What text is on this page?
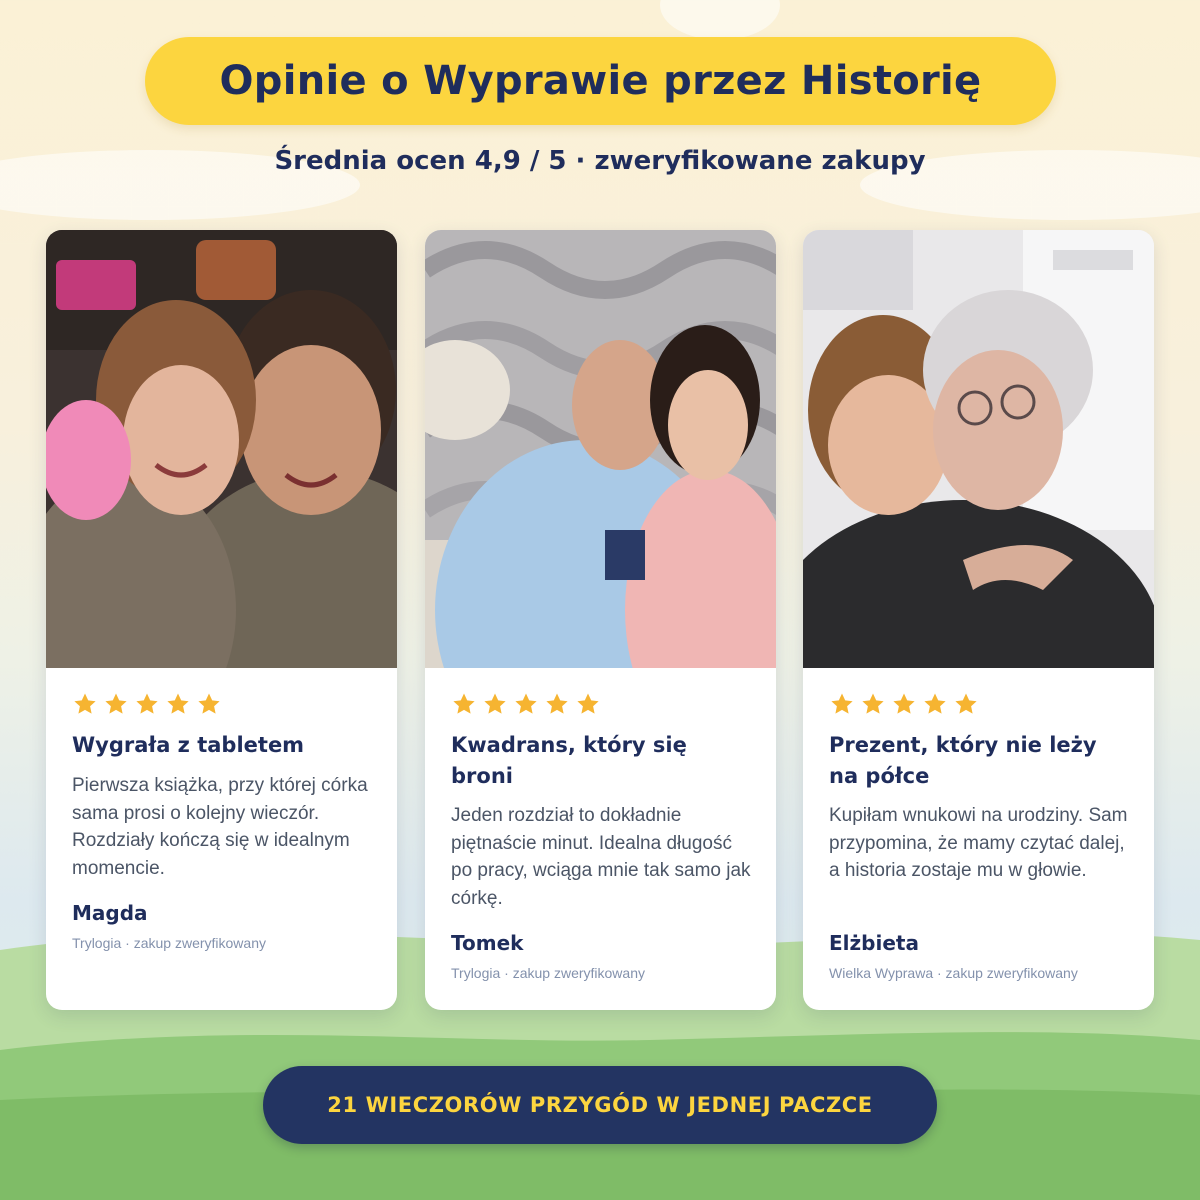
Opinie o Wyprawie przez Historię
Średnia ocen 4,9 / 5 · zweryfikowane zakupy
Wygrała z tabletem

Pierwsza książka, przy której córka sama prosi o kolejny wieczór. Rozdziały kończą się w idealnym momencie.

Magda
Trylogia · zakup zweryfikowany
Kwadrans, który się broni

Jeden rozdział to dokładnie piętnaście minut. Idealna długość po pracy, wciąga mnie tak samo jak córkę.

Tomek
Trylogia · zakup zweryfikowany
Prezent, który nie leży na półce

Kupiłam wnukowi na urodziny. Sam przypomina, że mamy czytać dalej, a historia zostaje mu w głowie.

Elżbieta
Wielka Wyprawa · zakup zweryfikowany
21 WIECZORÓW PRZYGÓD W JEDNEJ PACZCE
